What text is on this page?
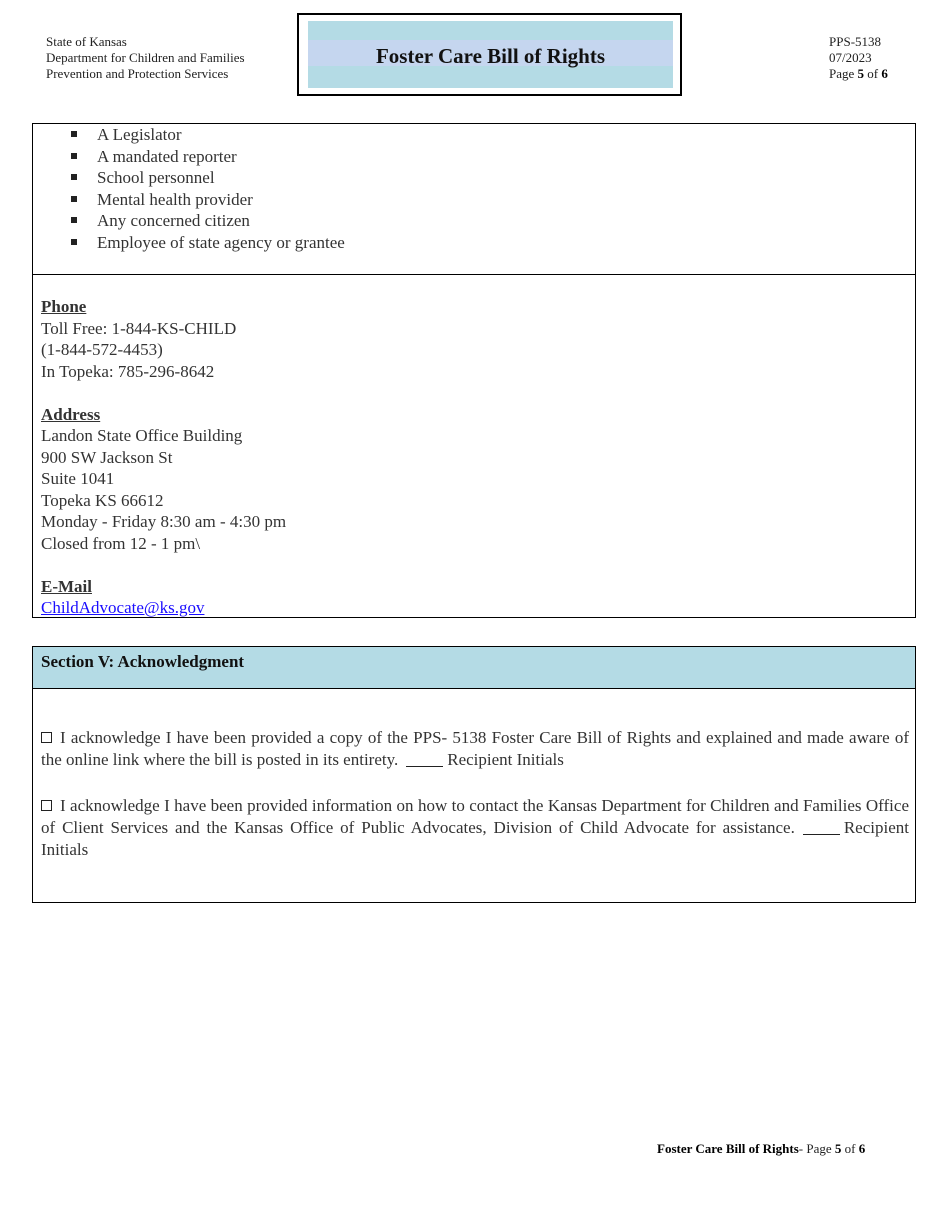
State of Kansas
Department for Children and Families
Prevention and Protection Services
Foster Care Bill of Rights
PPS-5138
07/2023
Page 5 of 6
A Legislator
A mandated reporter
School personnel
Mental health provider
Any concerned citizen
Employee of state agency or grantee
Phone
Toll Free: 1-844-KS-CHILD
(1-844-572-4453)
In Topeka: 785-296-8642
Address
Landon State Office Building
900 SW Jackson St
Suite 1041
Topeka KS 66612
Monday - Friday 8:30 am - 4:30 pm
Closed from 12 - 1 pm\
E-Mail
ChildAdvocate@ks.gov
Section V: Acknowledgment
I acknowledge I have been provided a copy of the PPS- 5138 Foster Care Bill of Rights and explained and made aware of the online link where the bill is posted in its entirety.	Recipient Initials
I acknowledge I have been provided information on how to contact the Kansas Department for Children and Families Office of Client Services and the Kansas Office of Public Advocates, Division of Child Advocate for assistance.	Recipient Initials
Foster Care Bill of Rights- Page 5 of 6
